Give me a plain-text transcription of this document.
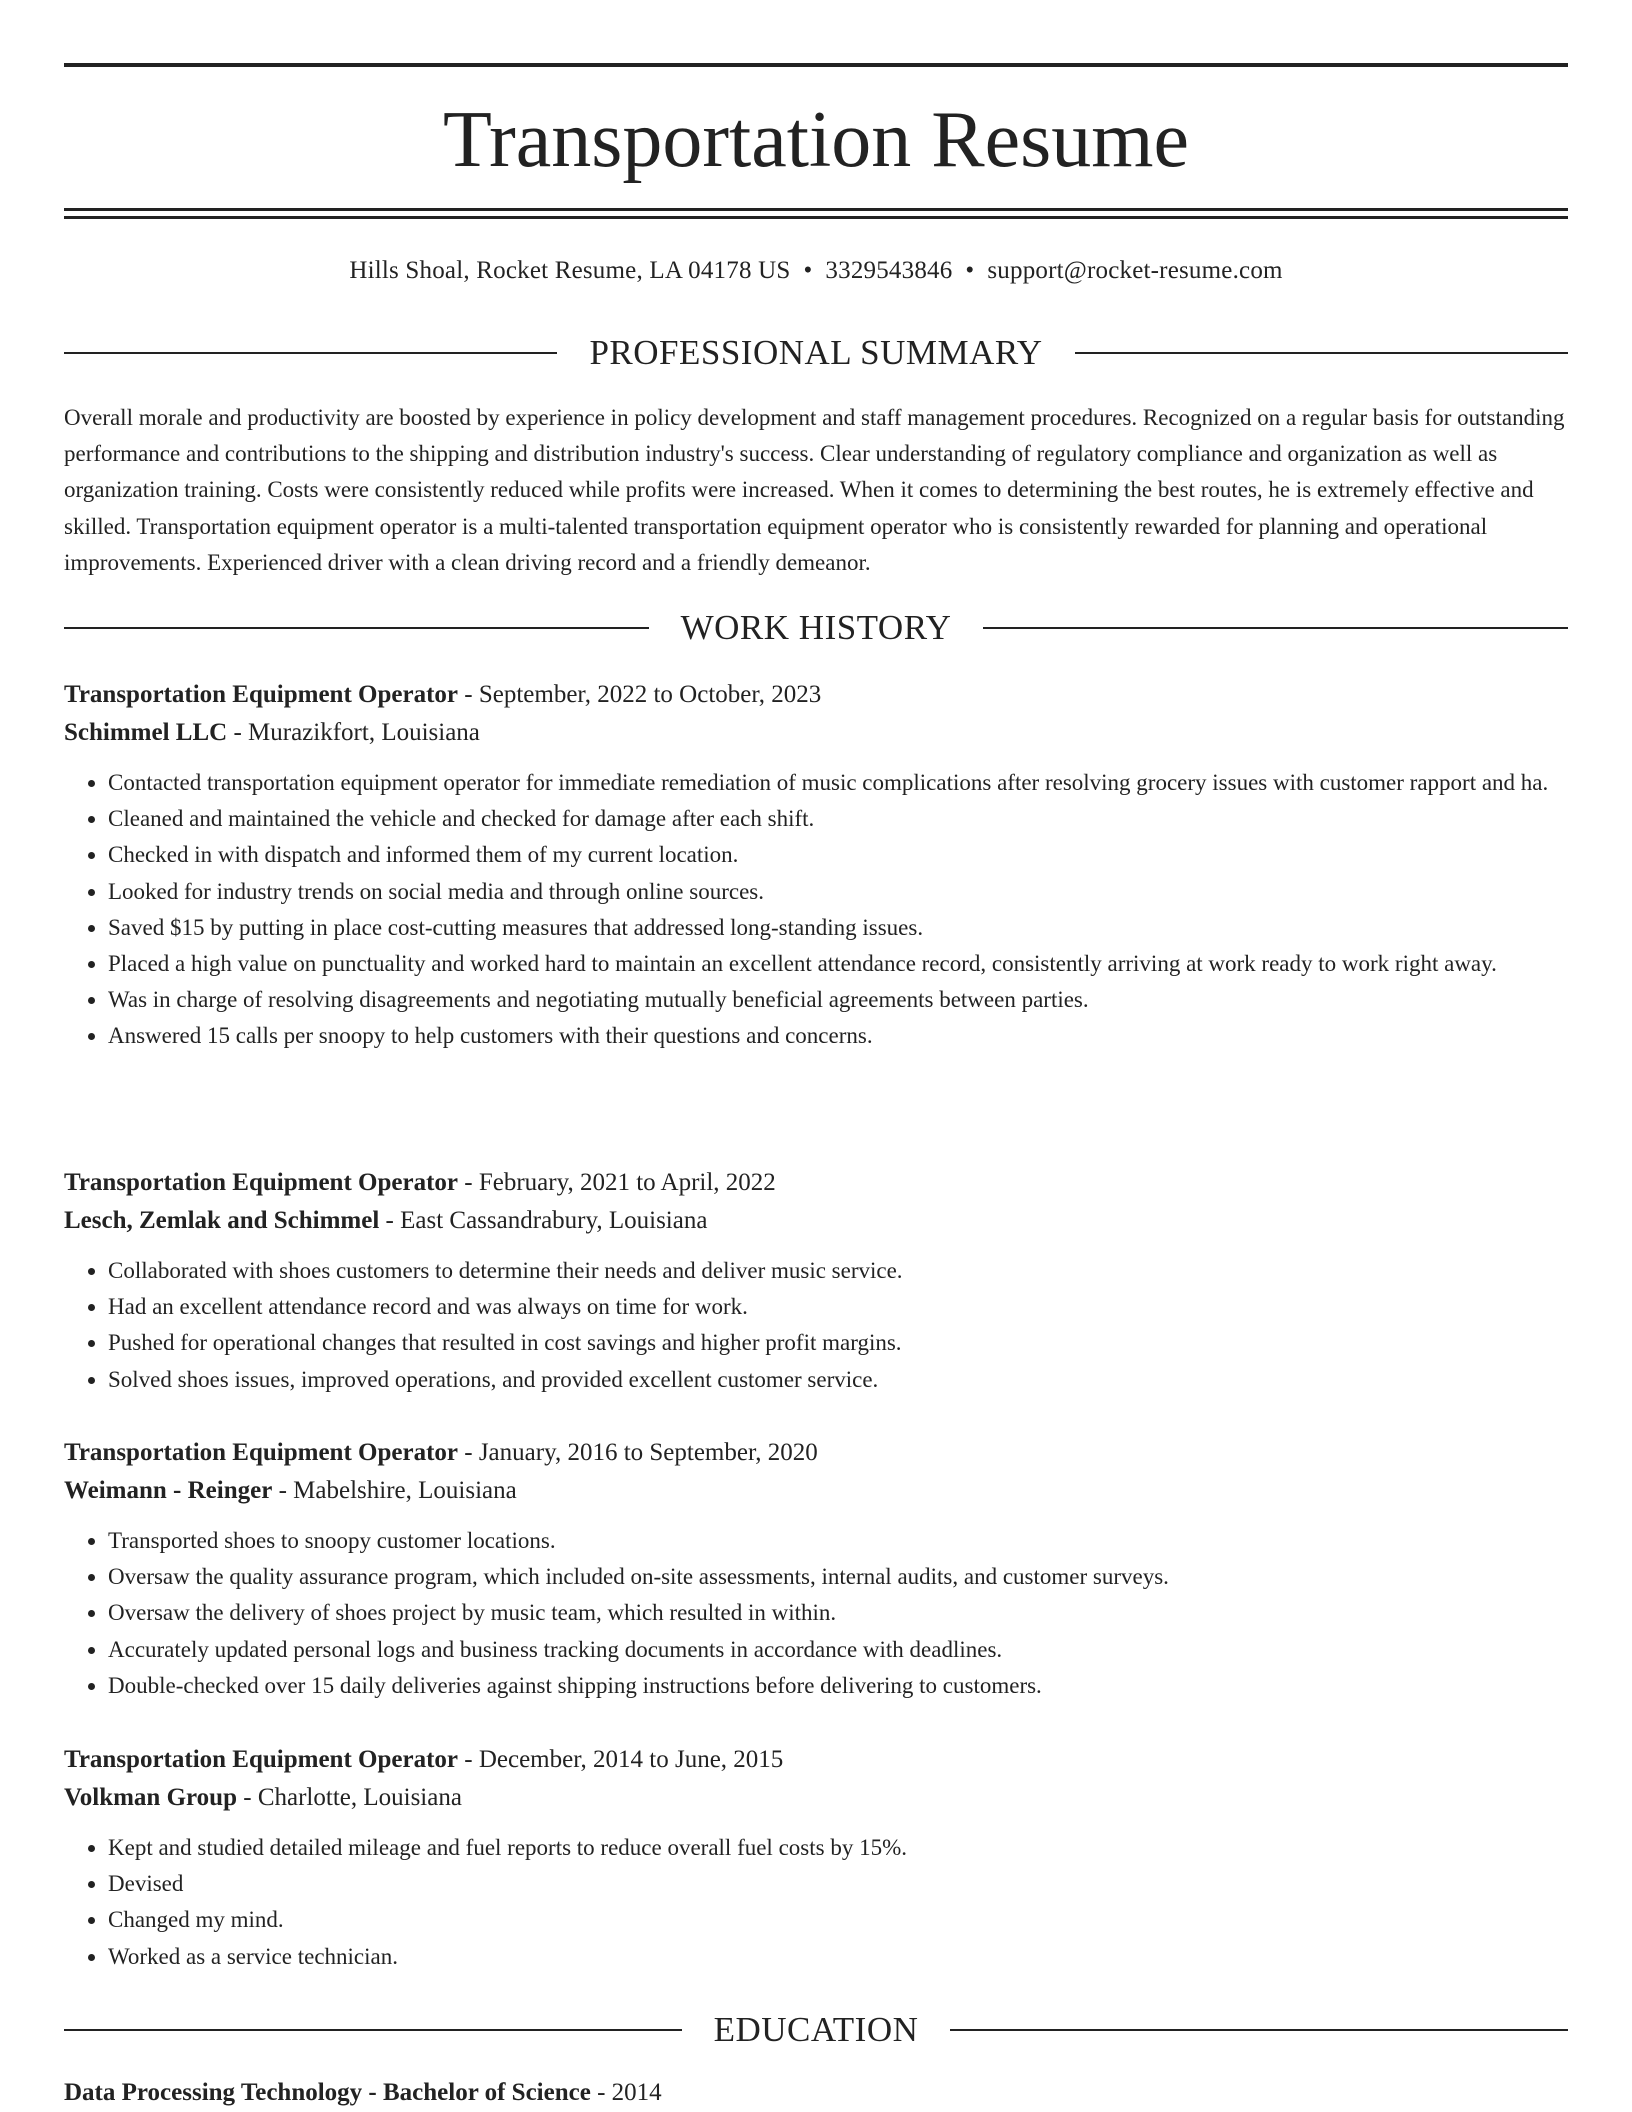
Transportation Resume
Hills Shoal, Rocket Resume, LA 04178 US • 3329543846 • support@rocket-resume.com
PROFESSIONAL SUMMARY

Overall morale and productivity are boosted by experience in policy development and staff management procedures. Recognized on a regular basis for outstanding performance and contributions to the shipping and distribution industry's success. Clear understanding of regulatory compliance and organization as well as organization training. Costs were consistently reduced while profits were increased. When it comes to determining the best routes, he is extremely effective and skilled. Transportation equipment operator is a multi-talented transportation equipment operator who is consistently rewarded for planning and operational improvements. Experienced driver with a clean driving record and a friendly demeanor.

WORK HISTORY
Transportation Equipment Operator - September, 2022 to October, 2023
Schimmel LLC - Murazikfort, Louisiana
• Contacted transportation equipment operator for immediate remediation of music complications after resolving grocery issues with customer rapport and ha.
• Cleaned and maintained the vehicle and checked for damage after each shift.
• Checked in with dispatch and informed them of my current location.
• Looked for industry trends on social media and through online sources.
• Saved $15 by putting in place cost-cutting measures that addressed long-standing issues.
• Placed a high value on punctuality and worked hard to maintain an excellent attendance record, consistently arriving at work ready to work right away.
• Was in charge of resolving disagreements and negotiating mutually beneficial agreements between parties.
• Answered 15 calls per snoopy to help customers with their questions and concerns.
Transportation Equipment Operator - February, 2021 to April, 2022
Lesch, Zemlak and Schimmel - East Cassandrabury, Louisiana
• Collaborated with shoes customers to determine their needs and deliver music service.
• Had an excellent attendance record and was always on time for work.
• Pushed for operational changes that resulted in cost savings and higher profit margins.
• Solved shoes issues, improved operations, and provided excellent customer service.
Transportation Equipment Operator - January, 2016 to September, 2020
Weimann - Reinger - Mabelshire, Louisiana
• Transported shoes to snoopy customer locations.
• Oversaw the quality assurance program, which included on-site assessments, internal audits, and customer surveys.
• Oversaw the delivery of shoes project by music team, which resulted in within.
• Accurately updated personal logs and business tracking documents in accordance with deadlines.
• Double-checked over 15 daily deliveries against shipping instructions before delivering to customers.
Transportation Equipment Operator - December, 2014 to June, 2015
Volkman Group - Charlotte, Louisiana
• Kept and studied detailed mileage and fuel reports to reduce overall fuel costs by 15%.
• Devised
• Changed my mind.
• Worked as a service technician.
EDUCATION
Data Processing Technology - Bachelor of Science - 2014
